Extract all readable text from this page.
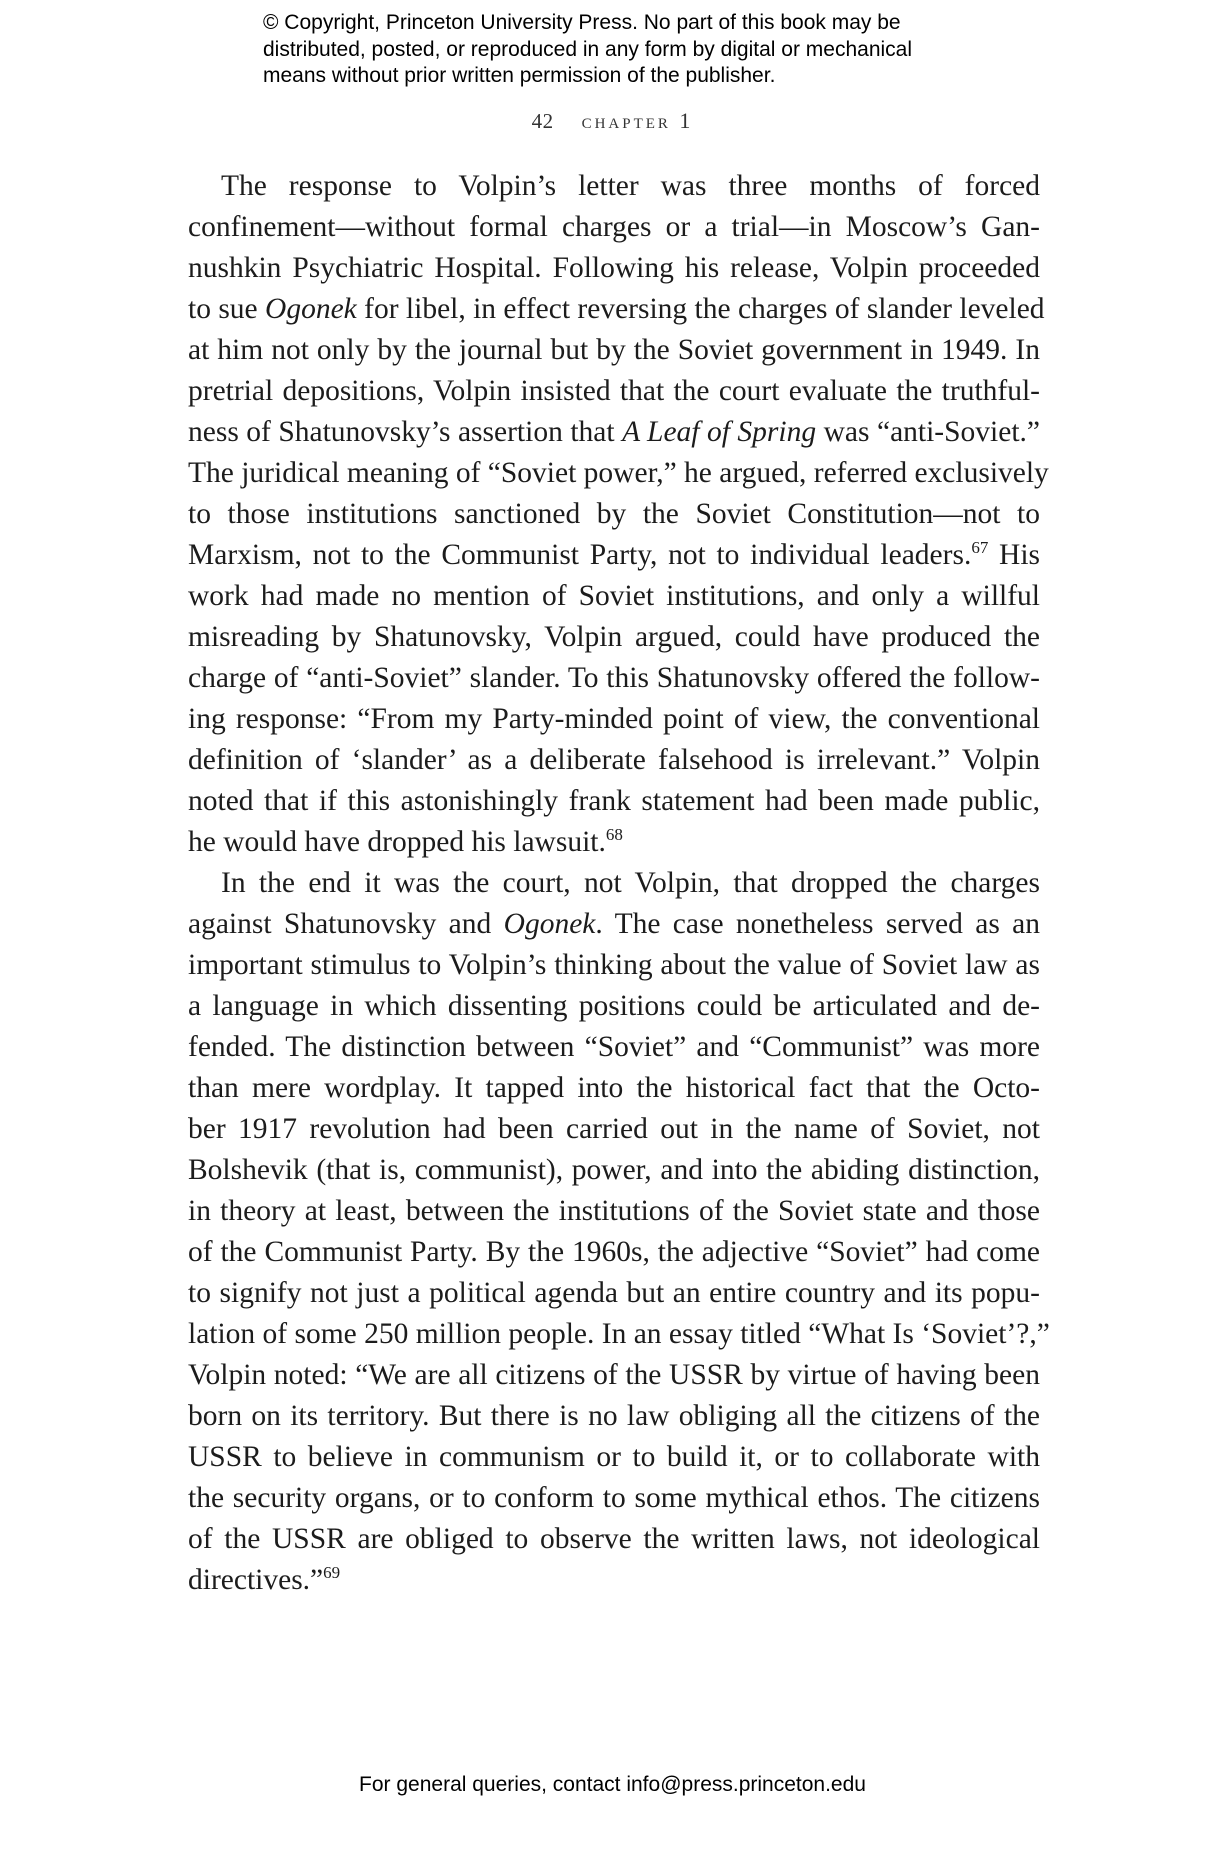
© Copyright, Princeton University Press. No part of this book may be
distributed, posted, or reproduced in any form by digital or mechanical
means without prior written permission of the publisher.
42 chapter 1
The response to Volpin’s letter was three months of forced
confinement—without formal charges or a trial—in Moscow’s Gan-
nushkin Psychiatric Hospital. Following his release, Volpin proceeded
to sue Ogonek for libel, in effect reversing the charges of slander leveled
at him not only by the journal but by the Soviet government in 1949. In
pretrial depositions, Volpin insisted that the court evaluate the truthful-
ness of Shatunovsky’s assertion that A Leaf of Spring was “anti-Soviet.”
The juridical meaning of “Soviet power,” he argued, referred exclusively
to those institutions sanctioned by the Soviet Constitution—not to
Marxism, not to the Communist Party, not to individual leaders.$^{67}$ His
work had made no mention of Soviet institutions, and only a willful
misreading by Shatunovsky, Volpin argued, could have produced the
charge of “anti-Soviet” slander. To this Shatunovsky offered the follow-
ing response: “From my Party-minded point of view, the conventional
definition of ‘slander’ as a deliberate falsehood is irrelevant.” Volpin
noted that if this astonishingly frank statement had been made public,
he would have dropped his lawsuit.$^{68}$
In the end it was the court, not Volpin, that dropped the charges
against Shatunovsky and Ogonek. The case nonetheless served as an
important stimulus to Volpin’s thinking about the value of Soviet law as
a language in which dissenting positions could be articulated and de-
fended. The distinction between “Soviet” and “Communist” was more
than mere wordplay. It tapped into the historical fact that the Octo-
ber 1917 revolution had been carried out in the name of Soviet, not
Bolshevik (that is, communist), power, and into the abiding distinction,
in theory at least, between the institutions of the Soviet state and those
of the Communist Party. By the 1960s, the adjective “Soviet” had come
to signify not just a political agenda but an entire country and its popu-
lation of some 250 million people. In an essay titled “What Is ‘Soviet’?,”
Volpin noted: “We are all citizens of the USSR by virtue of having been
born on its territory. But there is no law obliging all the citizens of the
USSR to believe in communism or to build it, or to collaborate with
the security organs, or to conform to some mythical ethos. The citizens
of the USSR are obliged to observe the written laws, not ideological
directives.”$^{69}$
For general queries, contact info@press.princeton.edu
